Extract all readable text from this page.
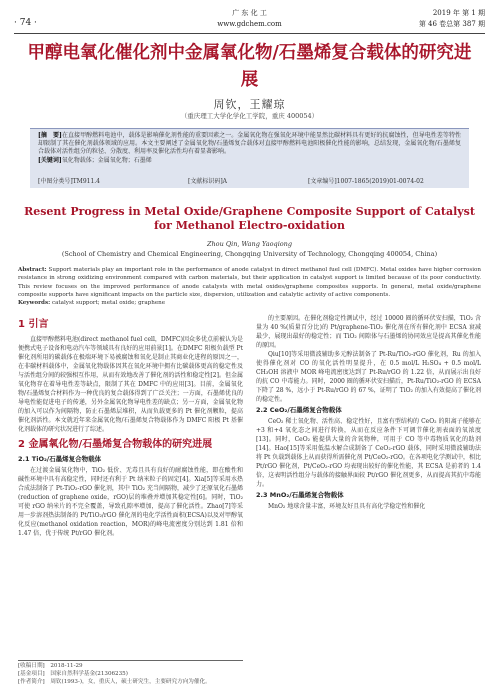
· 74 ·
广 东 化 工
www.gdchem.com
2019 年 第 1 期
第 46 卷总第 387 期
甲醇电氧化催化剂中金属氧化物/石墨烯复合载体的研究进展
周钦，王耀琼
（重庆理工大学化学化工学院，重庆 400054）

[摘　要]在直接甲醇燃料电池中，载体是影响催化剂性能的重要因素之一。金属氧化物在强氧化环境中能显然比碳材料具有更好的抗腐蚀性，但导电性差等特性却限制了其在催化剂载体领域的应用。本文主要阐述了金属氧化物/石墨烯复合载体对直接甲醇燃料电池阳极催化性能的影响，总结发现，金属氧化物/石墨烯复合载体对活性组分的粒径、分散度、利用率及催化活性均有着显著影响。

[关键词]氧化物载体；金属氧化物；石墨烯

[中图分类号]TM911.4	[文献标识码]A	[文章编号]1007-1865(2019)01-0074-02
Resent Progress in Metal Oxide/Graphene Composite Support of Catalyst for Methanol Electro-oxidation
Zhou Qin, Wang Yaoqiong
(School of Chemistry and Chemical Engineering, Chongqing University of Technology, Chongqing 400054, China)
Abstract: Support materials play an important role in the performance of anode catalyst in direct methanol fuel cell (DMFC). Metal oxides have higher corrosion resistance in strong oxidizing environment compared with carbon materials, but their application in catalyst support is limited because of its poor conductivity. This review focuses on the improved performance of anode catalysts with metal oxides/graphene composites supports. In general, metal oxide/graphene composite supports have significant impacts on the particle size, dispersion, utilization and catalytic activity of active components.
Keywords: catalyst support; metal oxide; graphene
1 引言

直接甲醇燃料电池(direct methanol fuel cell，DMFC)因众多优点前被认为是便携式电子设备和电动汽车等领域具有良好的应用前景[1]。在DMFC 阳极负载型 Pt 催化剂所用的碳载体在极端环境下易被腐蚀和氧化是制止其商业化进程的原因之一，在非碳材料载体中，金属氧化物载体因其在氧化环境中拥有比碳载体更高的稳定性及与活性组分间的较强相互作用，从而有效地改善了催化剂的活性和稳定性[2]。但金属氧化物存在着导电性差等缺点，限制了其在 DMFC 中的应用[3]。目前，金属氧化物/石墨烯复合材料作为一种优良的复合载体得到了广泛关注；一方面，石墨烯优良的导电性能促进电子的传递，另外金属氧化物导电性差的缺点；另一方面，金属氧化物的加入可以作为间隔物，防止石墨烯层堆积，从而负载更多的 Pt 催化剂颗粒，提高催化剂活性。本文就近年来金属氧化物/石墨烯复合物载体作为 DMFC 阳极 Pt 基催化剂载体的研究状况进行了综述。

2 金属氧化物/石墨烯复合物载体的研究进展
2.1 TiO₂/石墨烯复合物载体

在过渡金属氧化物中，TiO₂ 低价、无毒且具有良好的耐腐蚀性能，即在酸性和碱性环境中具有高稳定性，同时还有利于 Pt 纳米粒子的固定[4]。Xia[5]等采用水热合成法制备了 Pt-TiO₂-rGO 催化剂，其中 TiO₂ 充当间隔物，减少了还原氧化石墨烯(reduction of graphene oxide，rGO)层的堆叠并增加其稳定性[6]。同时，TiO₂ 可使 rGO 纳米片的不完全覆盖，导致孔隙率增加，提高了催化活性。Zhao[7]等采用一步溶剂热法制备的 Pt/TiO₂/rGO 催化剂的电化学活性面积(ECSA)以及对甲醇氧化反应(methanol oxidation reaction，MOR)的峰电流密度分别达到 1.81 倍和 1.47 倍，优于传统 Pt/rGO 催化剂。

的主要原因。在催化剂稳定性测试中，经过 10000 圈的循环伏安扫描，TiO₂ 含量为 40 %(质量百分比)的 Pt/graphene-TiO₂ 催化剂在所有催化剂中 ECSA 衰减最少，展现出最好的稳定性；而 TiO₂ 间隙体与石墨烯的协同效应是提高其催化性能的原因。

Qiu[10]等采用微波辅助多元醇法制备了 Pt-Ru/TiO₂-rGO 催化剂，Ru 的加入使得催化剂对 CO 的氧化活性明显提升，在 0.5 mol/L H₂SO₄ + 0.5 mol/L CH₃OH 溶液中 MOR 峰电流密度达到了 Pt-Ru/rGO 的 1.22 倍，从而展示出良好的抗 CO 中毒能力。同时，2000 圈的循环伏安扫描后，Pt-Ru/TiO₂-rGO 的 ECSA 下降了 28 %，远小于 Pt-Ru/rGO 的 67 %，证明了 TiO₂ 的加入有效提高了催化剂的稳定性。

2.2 CeO₂/石墨烯复合物载体

CeO₂ 稀土氧化物、活性高、稳定性好，且富有型结构的 CeO₂ 的阳离子能够在+3 和+4 氧化态之间进行转换，从而在反应条件下可调节催化剂表面的氧浓度[13]。同时，CeO₂ 能提供大量的含氧物种，可用于 CO 等中毒物质氧化的助剂[14]。Hao[15]等采用低温水解合成制备了 CeO₂-rGO 载体，同时采用微波辅助法将 Pt 负载到载体上从而获得所需催化剂 Pt/CeO₂-rGO。在各项电化学测试中，相比 Pt/rGO 催化剂，Pt/CeO₂-rGO 均表现出较好的催化性能，其 ECSA 是前者的 1.4 倍，这表明活性组分与载体的接触界面较 Pt/rGO 催化剂更多，从而提高其抗中毒能力。

2.3 MnO₂/石墨烯复合物载体

MnO₂ 地球含量丰富，环境友好且具有高化学稳定性和催化

[收稿日期]　2018-11-29
[基金项目]　国家自然科学基金(21306235)
[作者简介]　周钦(1993-)，女，重庆人，硕士研究生，主要研究方向为催化。
